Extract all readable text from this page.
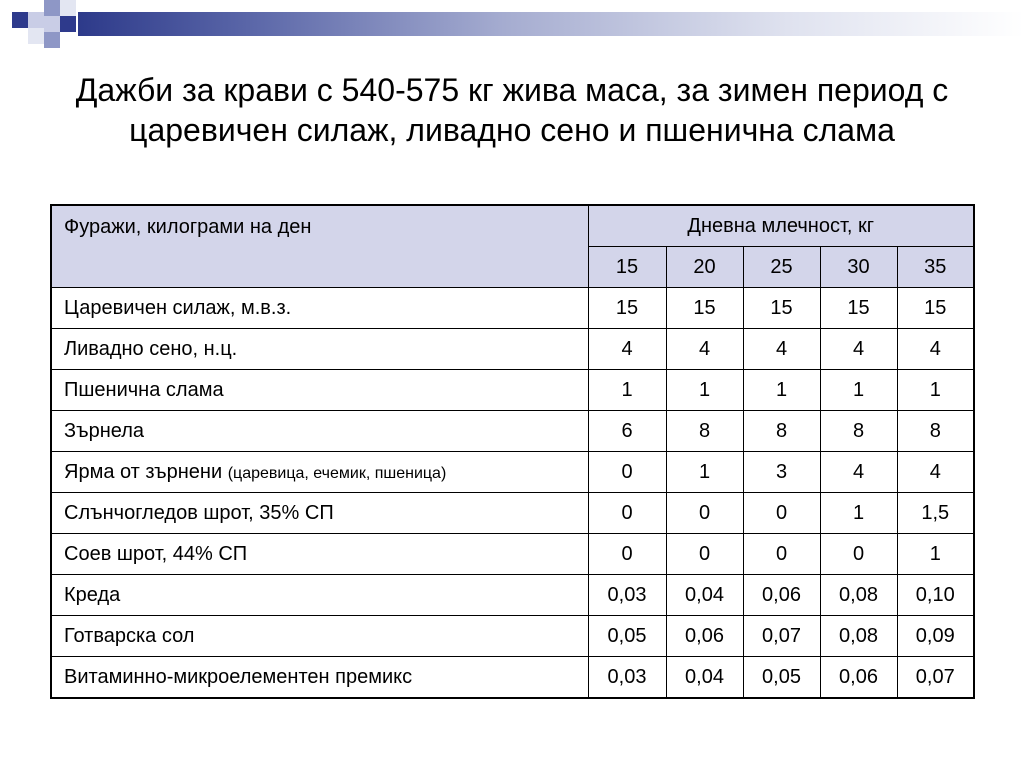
Дажби за крави с 540-575 кг жива маса, за зимен период с царевичен силаж, ливадно сено и пшенична слама
Фуражи, килограми на ден	Дневна млечност, кг				
	15	20	25	30	35
Царевичен силаж, м.в.з.	15	15	15	15	15
Ливадно сено, н.ц.	4	4	4	4	4
Пшенична слама	1	1	1	1	1
Зърнела	6	8	8	8	8
Ярма от зърнени (царевица, ечемик, пшеница)	0	1	3	4	4
Слънчогледов шрот, 35% СП	0	0	0	1	1,5
Соев шрот, 44% СП	0	0	0	0	1
Креда	0,03	0,04	0,06	0,08	0,10
Готварска сол	0,05	0,06	0,07	0,08	0,09
Витаминно-микроелементен премикс	0,03	0,04	0,05	0,06	0,07
